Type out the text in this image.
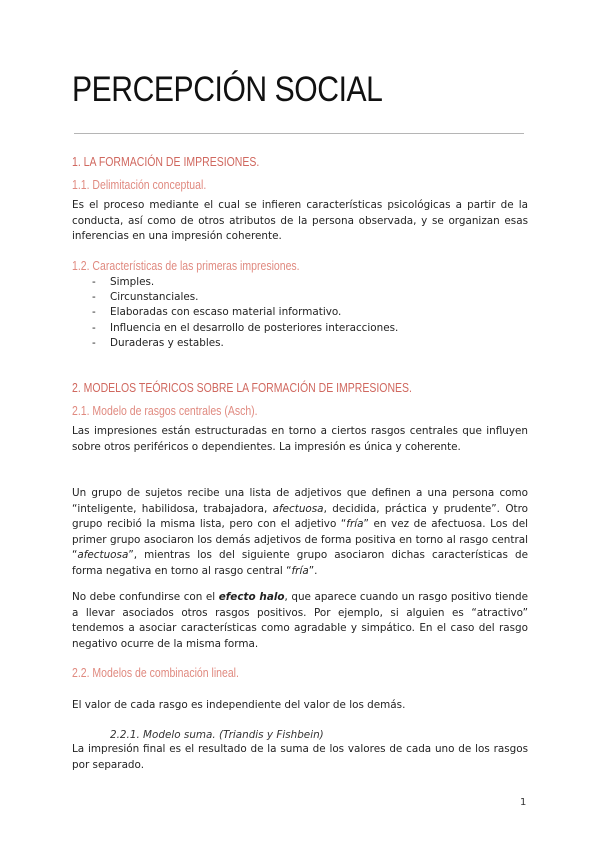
PERCEPCIÓN SOCIAL
1. LA FORMACIÓN DE IMPRESIONES.
1.1. Delimitación conceptual.
Es el proceso mediante el cual se infieren características psicológicas a partir de la conducta, así como de otros atributos de la persona observada, y se organizan esas inferencias en una impresión coherente.
1.2. Características de las primeras impresiones.
- Simples.
- Circunstanciales.
- Elaboradas con escaso material informativo.
- Influencia en el desarrollo de posteriores interacciones.
- Duraderas y estables.
2. MODELOS TEÓRICOS SOBRE LA FORMACIÓN DE IMPRESIONES.
2.1. Modelo de rasgos centrales (Asch).
Las impresiones están estructuradas en torno a ciertos rasgos centrales que influyen sobre otros periféricos o dependientes. La impresión es única y coherente.
Un grupo de sujetos recibe una lista de adjetivos que definen a una persona como “inteligente, habilidosa, trabajadora, afectuosa, decidida, práctica y prudente”. Otro grupo recibió la misma lista, pero con el adjetivo “fría” en vez de afectuosa. Los del primer grupo asociaron los demás adjetivos de forma positiva en torno al rasgo central “afectuosa”, mientras los del siguiente grupo asociaron dichas características de forma negativa en torno al rasgo central “fría”.
No debe confundirse con el efecto halo, que aparece cuando un rasgo positivo tiende a llevar asociados otros rasgos positivos. Por ejemplo, si alguien es “atractivo” tendemos a asociar características como agradable y simpático. En el caso del rasgo negativo ocurre de la misma forma.
2.2. Modelos de combinación lineal.
El valor de cada rasgo es independiente del valor de los demás.
2.2.1. Modelo suma. (Triandis y Fishbein)
La impresión final es el resultado de la suma de los valores de cada uno de los rasgos por separado.
1
